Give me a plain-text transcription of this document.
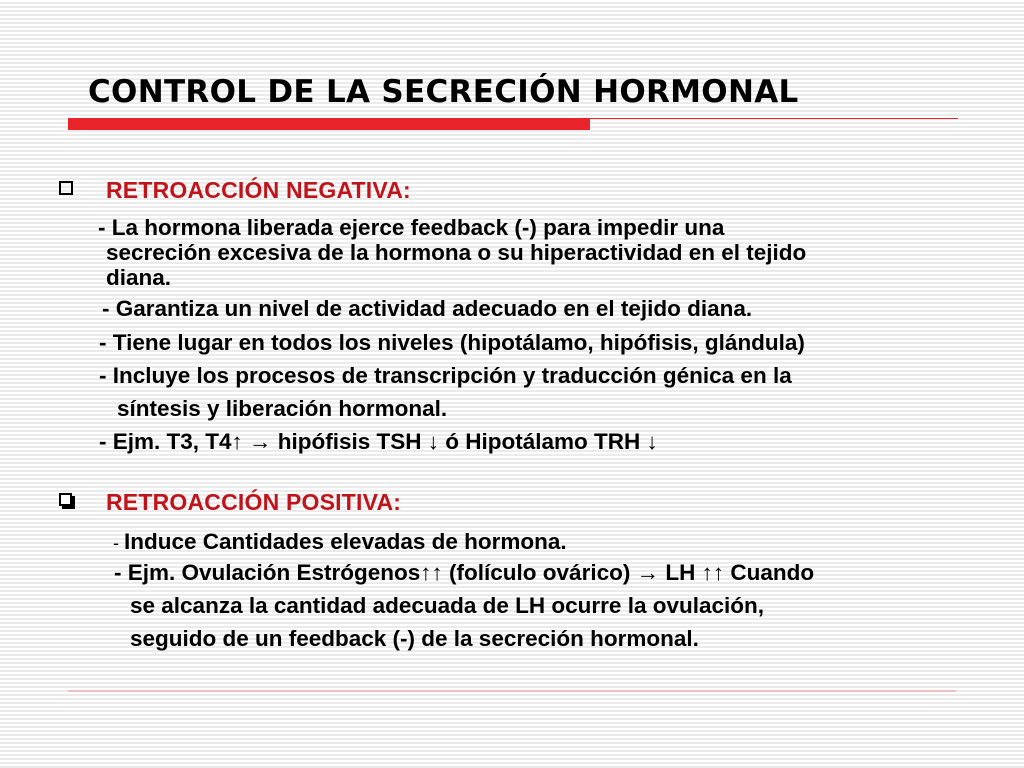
CONTROL DE LA SECRECIÓN HORMONAL
RETROACCIÓN NEGATIVA:
- La hormona liberada ejerce feedback (-) para impedir una
secreción excesiva de la hormona o su hiperactividad en el tejido
diana.
- Garantiza un nivel de actividad adecuado en el tejido diana.
- Tiene lugar en todos los niveles (hipotálamo, hipófisis, glándula)
- Incluye los procesos de transcripción y traducción génica en la
síntesis y liberación hormonal.
- Ejm. T3, T4↑ → hipófisis TSH ↓ ó Hipotálamo TRH ↓
RETROACCIÓN POSITIVA:
- Induce Cantidades elevadas de hormona.
- Ejm. Ovulación Estrógenos↑↑ (folículo ovárico) → LH ↑↑ Cuando
se alcanza la cantidad adecuada de LH ocurre la ovulación,
seguido de un feedback (-) de la secreción hormonal.
